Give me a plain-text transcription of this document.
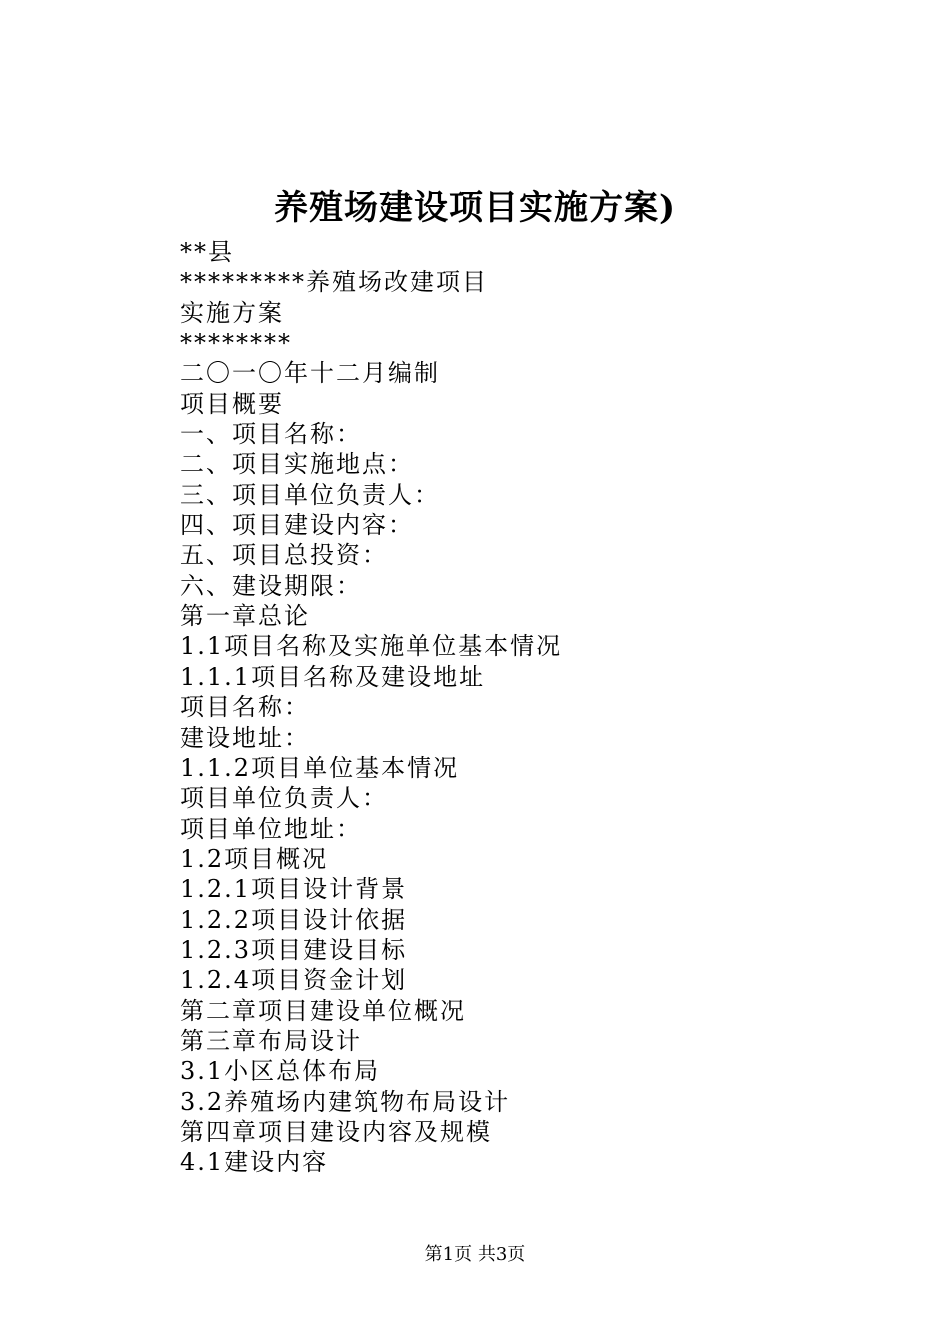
养殖场建设项目实施方案)
**县
*********养殖场改建项目
实施方案
********
二〇一〇年十二月编制
项目概要
一、项目名称：
二、项目实施地点：
三、项目单位负责人：
四、项目建设内容：
五、项目总投资：
六、建设期限：
第一章总论
1.1项目名称及实施单位基本情况
1.1.1项目名称及建设地址
项目名称：
建设地址：
1.1.2项目单位基本情况
项目单位负责人：
项目单位地址：
1.2项目概况
1.2.1项目设计背景
1.2.2项目设计依据
1.2.3项目建设目标
1.2.4项目资金计划
第二章项目建设单位概况
第三章布局设计
3.1小区总体布局
3.2养殖场内建筑物布局设计
第四章项目建设内容及规模
4.1建设内容
第1页 共3页
